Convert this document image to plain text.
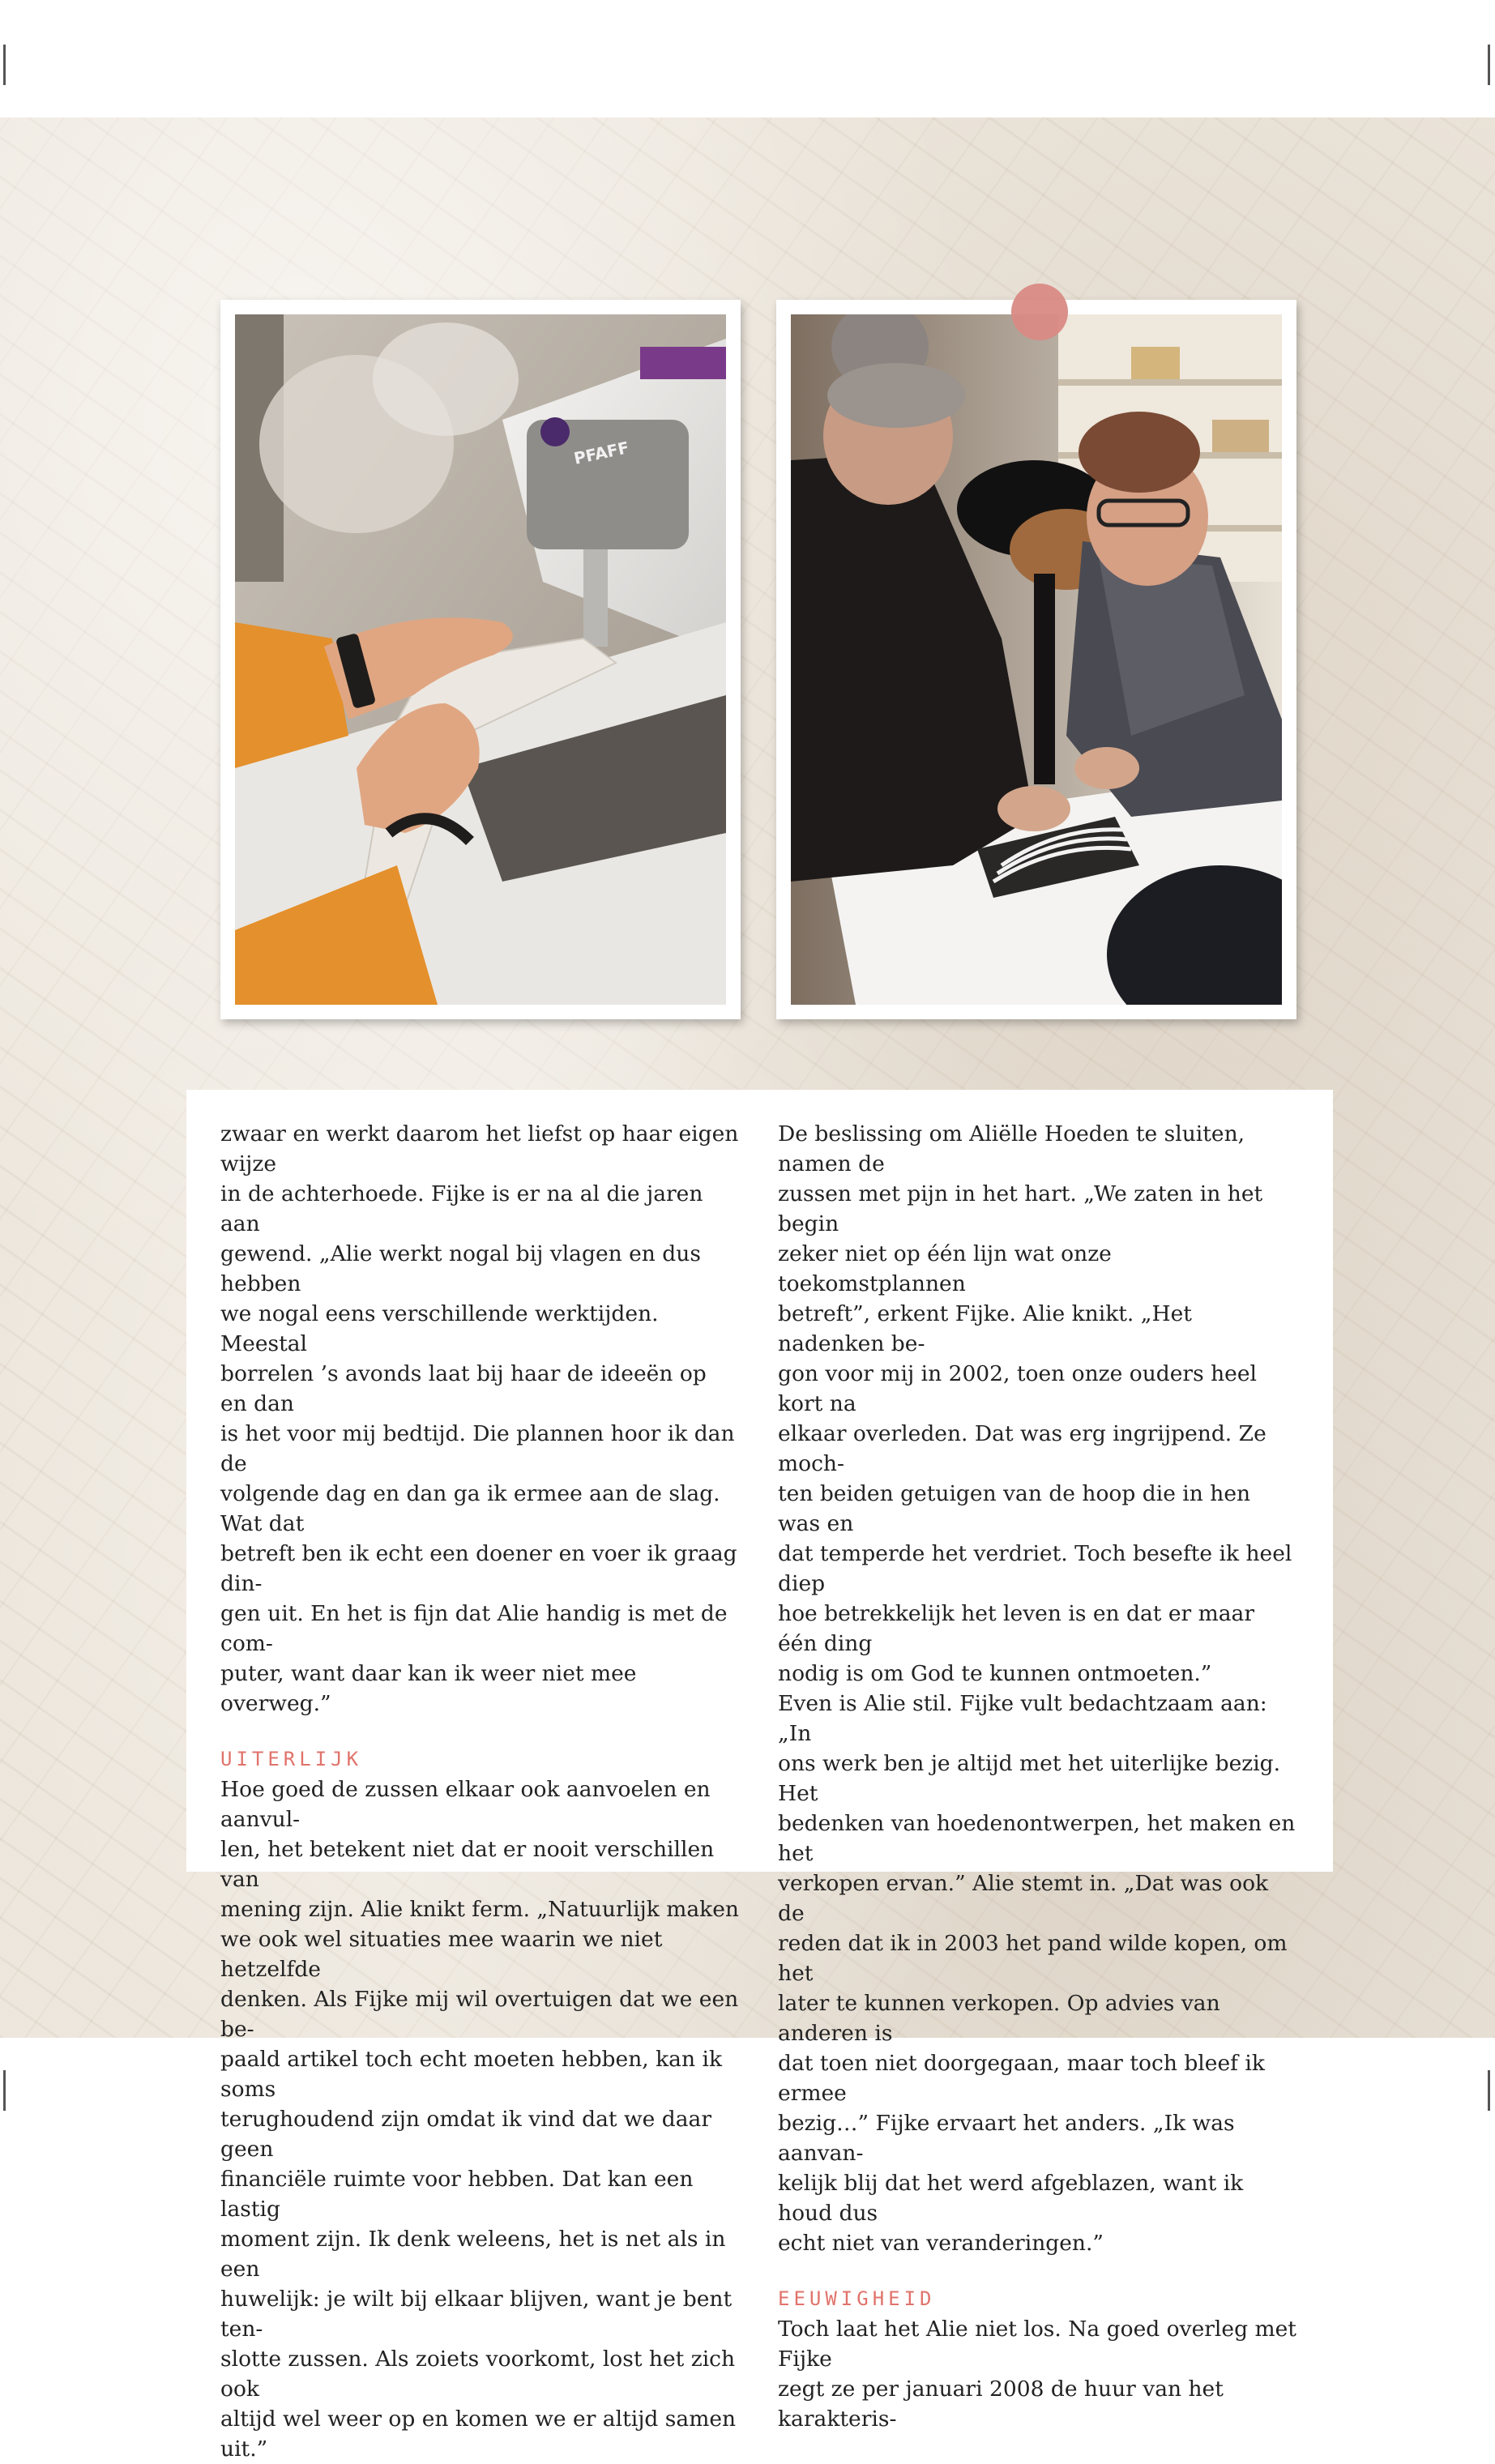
PFAFF

zwaar en werkt daarom het liefst op haar eigen wijze
in de achterhoede. Fijke is er na al die jaren aan
gewend. „Alie werkt nogal bij vlagen en dus hebben
we nogal eens verschillende werktijden. Meestal
borrelen ’s avonds laat bij haar de ideeën op en dan
is het voor mij bedtijd. Die plannen hoor ik dan de
volgende dag en dan ga ik ermee aan de slag. Wat dat
betreft ben ik echt een doener en voer ik graag din-
gen uit. En het is fijn dat Alie handig is met de com-
puter, want daar kan ik weer niet mee overweg.”

UITERLIJK

Hoe goed de zussen elkaar ook aanvoelen en aanvul-
len, het betekent niet dat er nooit verschillen van
mening zijn. Alie knikt ferm. „Natuurlijk maken
we ook wel situaties mee waarin we niet hetzelfde
denken. Als Fijke mij wil overtuigen dat we een be-
paald artikel toch echt moeten hebben, kan ik soms
terughoudend zijn omdat ik vind dat we daar geen
financiële ruimte voor hebben. Dat kan een lastig
moment zijn. Ik denk weleens, het is net als in een
huwelijk: je wilt bij elkaar blijven, want je bent ten-
slotte zussen. Als zoiets voorkomt, lost het zich ook
altijd wel weer op en komen we er altijd samen uit.”

De beslissing om Aliëlle Hoeden te sluiten, namen de
zussen met pijn in het hart. „We zaten in het begin
zeker niet op één lijn wat onze toekomstplannen
betreft”, erkent Fijke. Alie knikt. „Het nadenken be-
gon voor mij in 2002, toen onze ouders heel kort na
elkaar overleden. Dat was erg ingrijpend. Ze moch-
ten beiden getuigen van de hoop die in hen was en
dat temperde het verdriet. Toch besefte ik heel diep
hoe betrekkelijk het leven is en dat er maar één ding
nodig is om God te kunnen ontmoeten.”
Even is Alie stil. Fijke vult bedachtzaam aan: „In
ons werk ben je altijd met het uiterlijke bezig. Het
bedenken van hoedenontwerpen, het maken en het
verkopen ervan.” Alie stemt in. „Dat was ook de
reden dat ik in 2003 het pand wilde kopen, om het
later te kunnen verkopen. Op advies van anderen is
dat toen niet doorgegaan, maar toch bleef ik ermee
bezig…” Fijke ervaart het anders. „Ik was aanvan-
kelijk blij dat het werd afgeblazen, want ik houd dus
echt niet van veranderingen.”

EEUWIGHEID

Toch laat het Alie niet los. Na goed overleg met Fijke
zegt ze per januari 2008 de huur van het karakteris-
